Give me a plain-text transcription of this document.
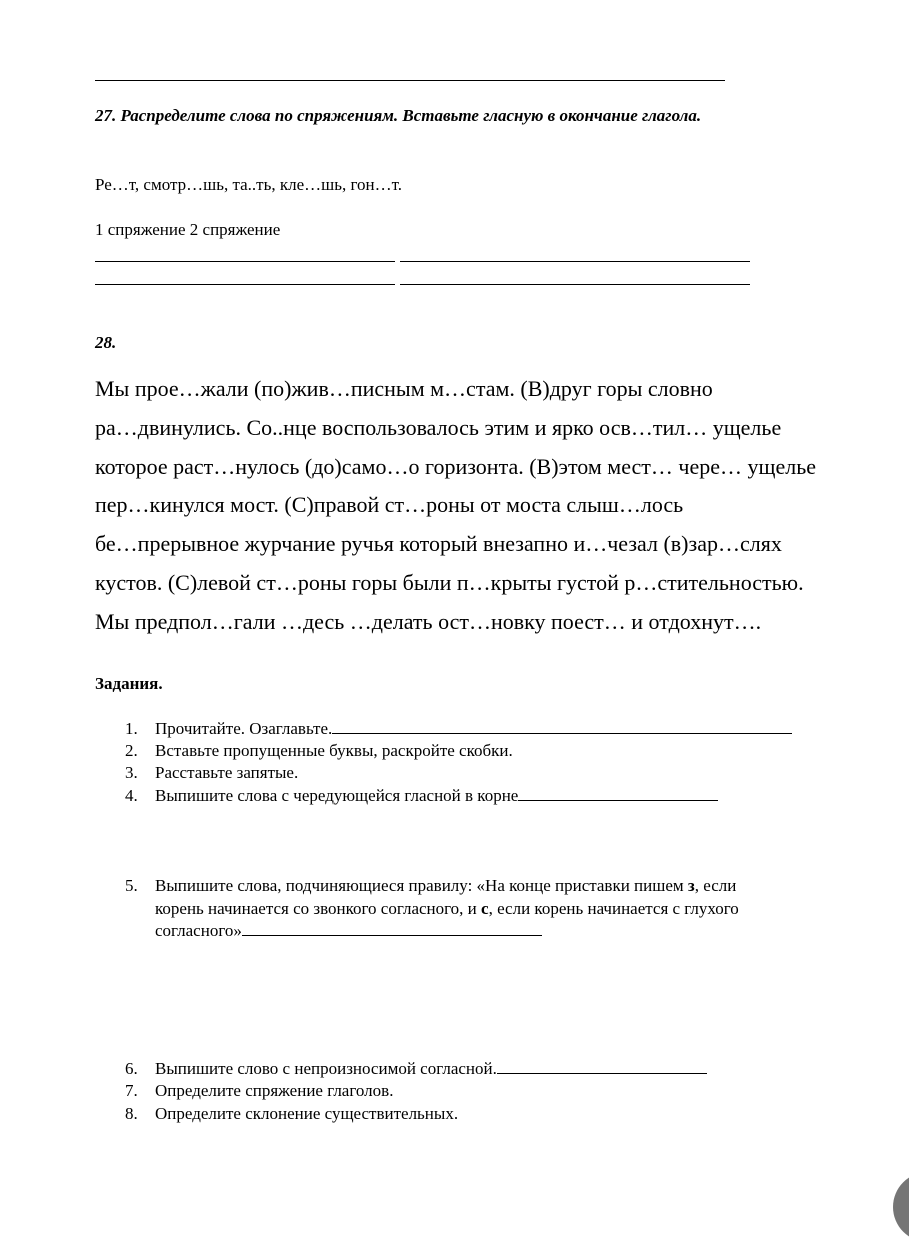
27. Распределите слова по спряжениям. Вставьте гласную в окончание глагола.
Ре…т, смотр…шь, та..ть, кле…шь, гон…т.
1 спряжение 2 спряжение
28.
Мы прое…жали (по)жив…писным м…стам. (В)друг горы словно
ра…двинулись. Со..нце воспользовалось этим и ярко осв…тил… ущелье
которое раст…нулось (до)само…о горизонта. (В)этом мест… чере… ущелье
пер…кинулся мост. (С)правой ст…роны от моста слыш…лось
бе…прерывное журчание ручья который внезапно и…чезал (в)зар…слях
кустов. (С)левой ст…роны горы были п…крыты густой р…стительностью.
Мы предпол…гали …десь …делать ост…новку поест… и отдохнут….
Задания.
1. Прочитайте. Озаглавьте.
2. Вставьте пропущенные буквы, раскройте скобки.
3. Расставьте запятые.
4. Выпишите слова с чередующейся гласной в корне
5. Выпишите слова, подчиняющиеся правилу: «На конце приставки пишем з, если
корень начинается со звонкого согласного, и с, если корень начинается с глухого
согласного»
6. Выпишите слово с непроизносимой согласной.
7. Определите спряжение глаголов.
8. Определите склонение существительных.
